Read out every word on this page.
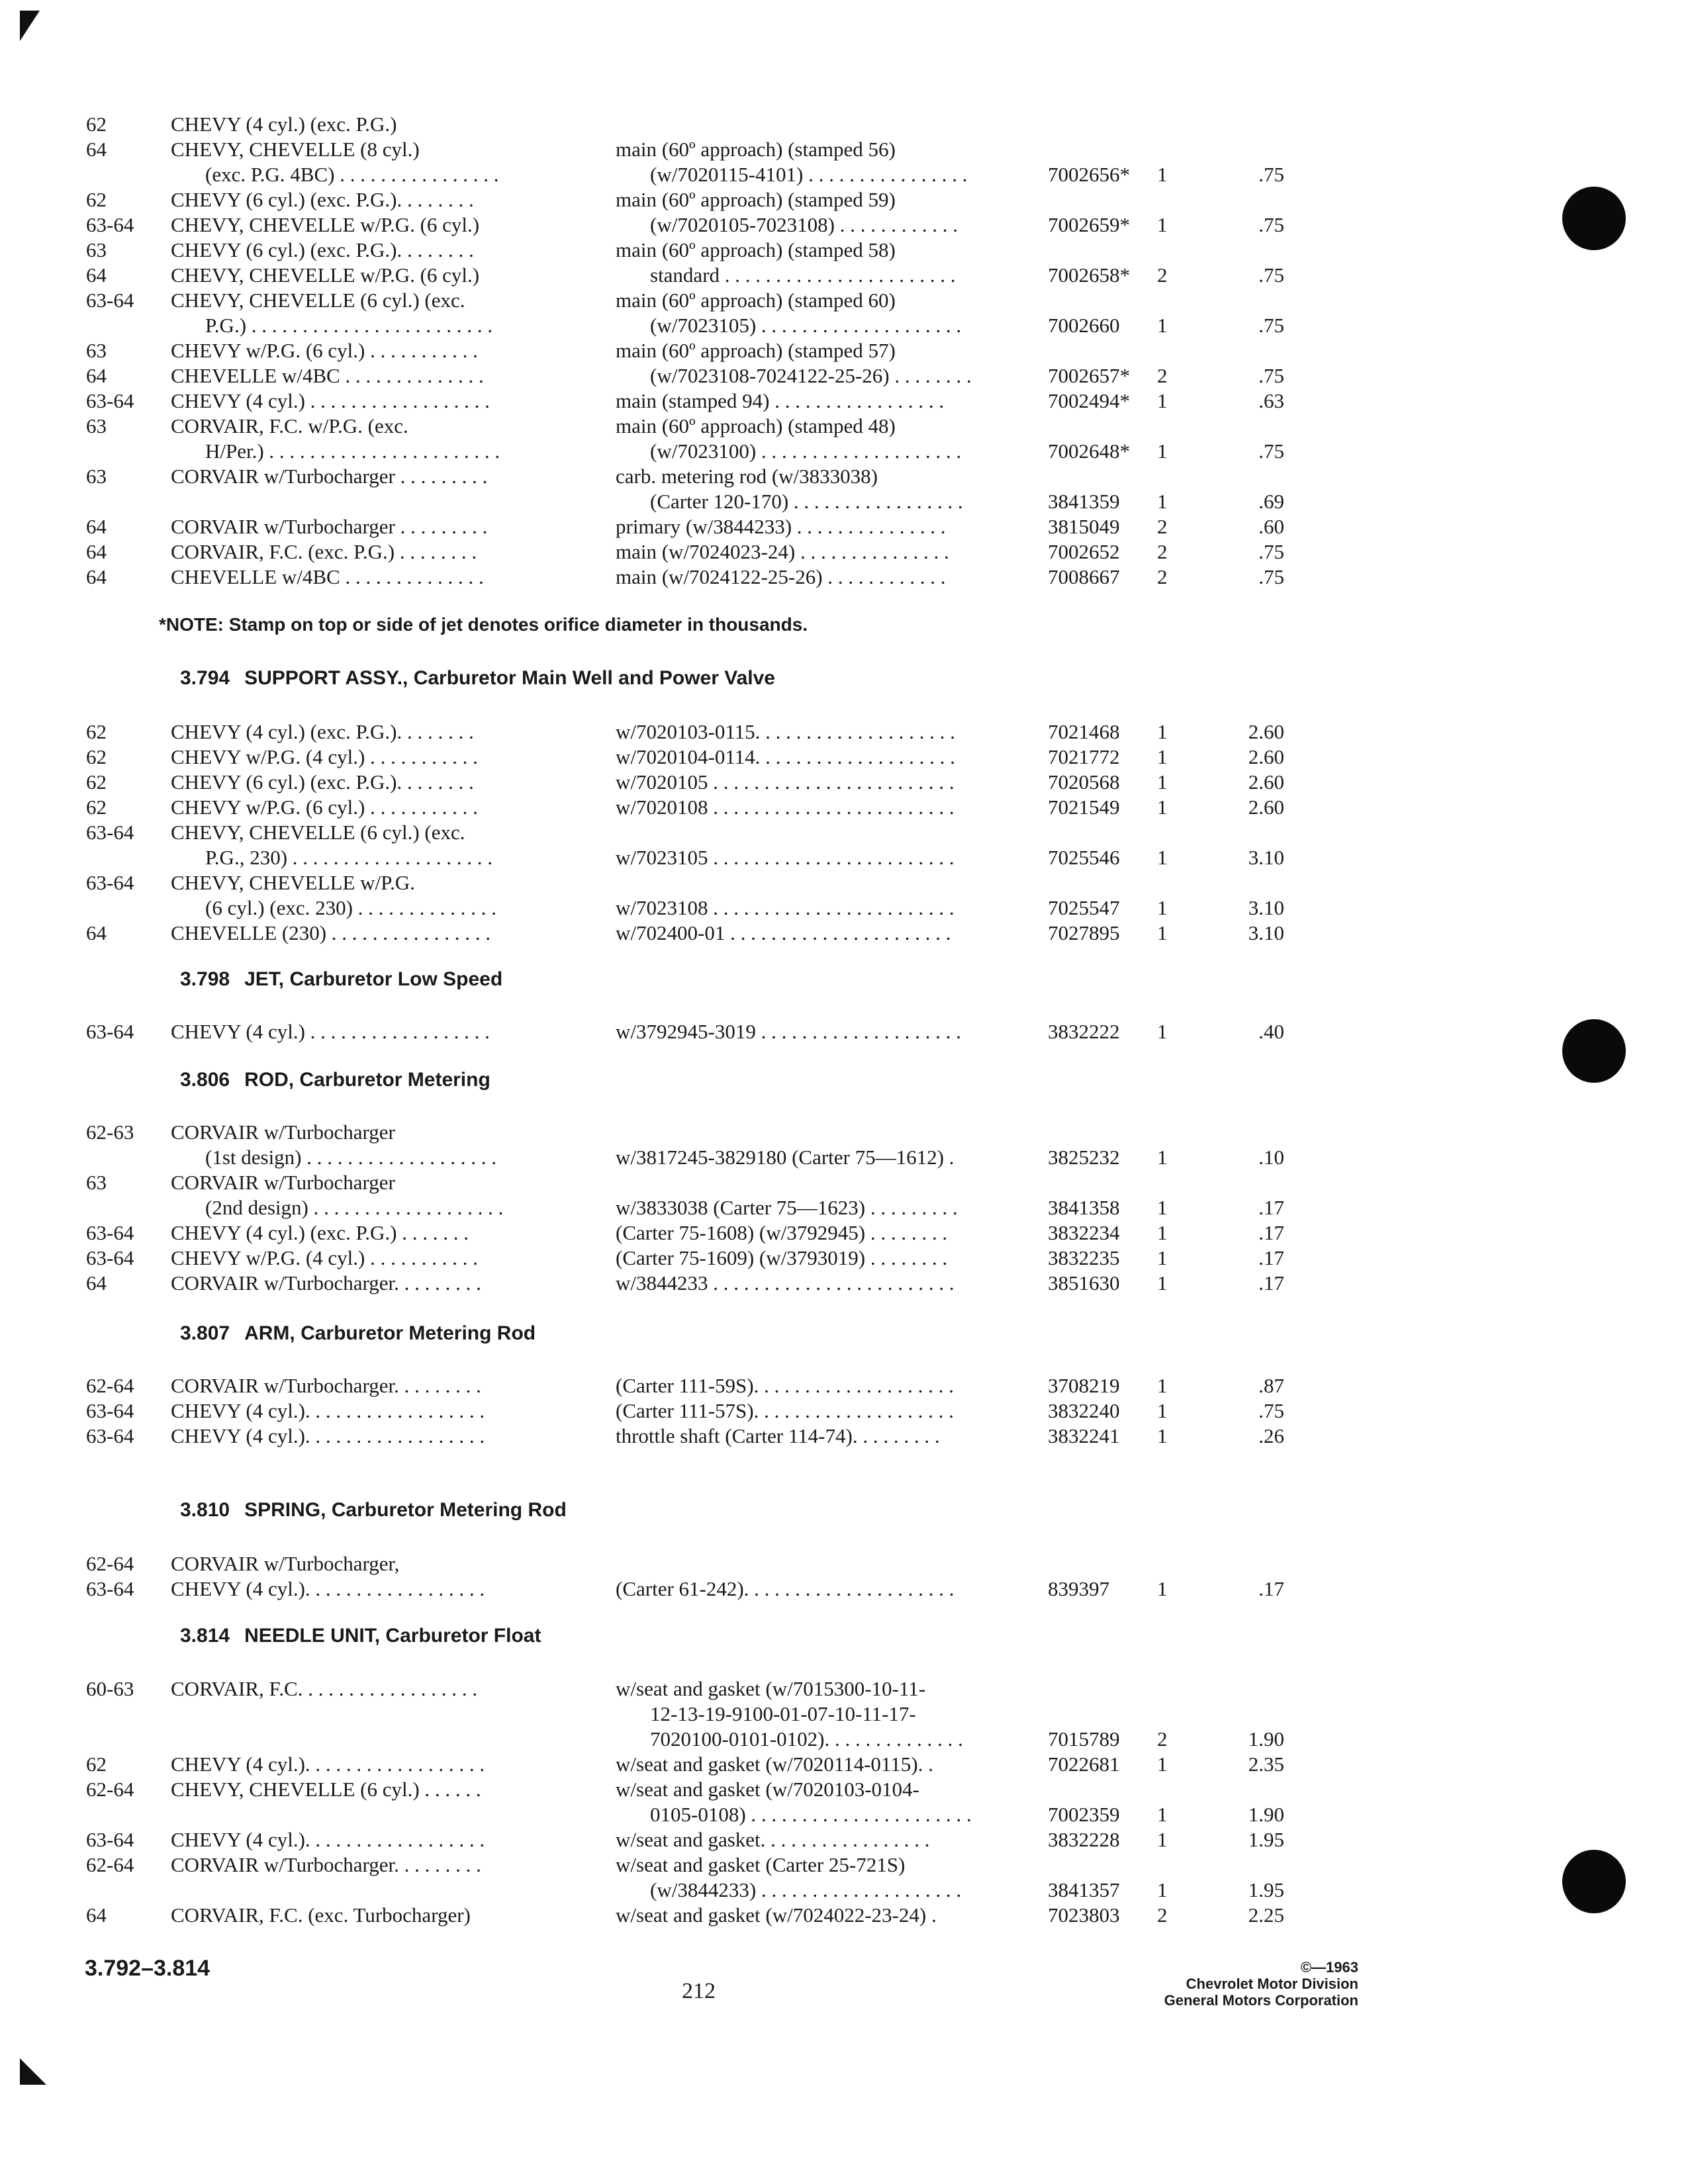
62	CHEVY (4 cyl.) (exc. P.G.)
64	CHEVY, CHEVELLE (8 cyl.)	main (60º approach) (stamped 56)
(exc. P.G. 4BC) . . . . . . . . . . . . . . . .	(w/7020115-4101) . . . . . . . . . . . . . . . .	7002656* 1	.75
62	CHEVY (6 cyl.) (exc. P.G.). . . . . . . .	main (60º approach) (stamped 59)
63-64 CHEVY, CHEVELLE w/P.G. (6 cyl.)	(w/7020105-7023108) . . . . . . . . . . . .	7002659* 1	.75
63	CHEVY (6 cyl.) (exc. P.G.). . . . . . . .	main (60º approach) (stamped 58)
64	CHEVY, CHEVELLE w/P.G. (6 cyl.)	standard . . . . . . . . . . . . . . . . . . . . . . .	7002658* 2	.75
63-64 CHEVY, CHEVELLE (6 cyl.) (exc.	main (60º approach) (stamped 60)
P.G.) . . . . . . . . . . . . . . . . . . . . . . . .	(w/7023105) . . . . . . . . . . . . . . . . . . . .	7002660 1	.75
63	CHEVY w/P.G. (6 cyl.) . . . . . . . . . . .	main (60º approach) (stamped 57)
64	CHEVELLE w/4BC . . . . . . . . . . . . . .	(w/7023108-7024122-25-26) . . . . . . . .	7002657* 2	.75
63-64 CHEVY (4 cyl.) . . . . . . . . . . . . . . . . . .	main (stamped 94) . . . . . . . . . . . . . . . . .	7002494* 1	.63
63	CORVAIR, F.C. w/P.G. (exc.	main (60º approach) (stamped 48)
H/Per.) . . . . . . . . . . . . . . . . . . . . . . .	(w/7023100) . . . . . . . . . . . . . . . . . . . .	7002648* 1	.75
63	CORVAIR w/Turbocharger . . . . . . . . .	carb. metering rod (w/3833038)
(Carter 120-170) . . . . . . . . . . . . . . . . .	3841359 1	.69
64	CORVAIR w/Turbocharger . . . . . . . . .	primary (w/3844233) . . . . . . . . . . . . . . .	3815049 2	.60
64	CORVAIR, F.C. (exc. P.G.) . . . . . . . .	main (w/7024023-24) . . . . . . . . . . . . . . .	7002652 2	.75
64	CHEVELLE w/4BC . . . . . . . . . . . . . .	main (w/7024122-25-26) . . . . . . . . . . . .	7008667 2	.75
*NOTE: Stamp on top or side of jet denotes orifice diameter in thousands.
3.794 SUPPORT ASSY., Carburetor Main Well and Power Valve
62	CHEVY (4 cyl.) (exc. P.G.). . . . . . . .	w/7020103-0115. . . . . . . . . . . . . . . . . . . .	7021468 1	2.60
62	CHEVY w/P.G. (4 cyl.) . . . . . . . . . . .	w/7020104-0114. . . . . . . . . . . . . . . . . . . .	7021772 1	2.60
62	CHEVY (6 cyl.) (exc. P.G.). . . . . . . .	w/7020105 . . . . . . . . . . . . . . . . . . . . . . . .	7020568 1	2.60
62	CHEVY w/P.G. (6 cyl.) . . . . . . . . . . .	w/7020108 . . . . . . . . . . . . . . . . . . . . . . . .	7021549 1	2.60
63-64 CHEVY, CHEVELLE (6 cyl.) (exc.
P.G., 230) . . . . . . . . . . . . . . . . . . . .	w/7023105 . . . . . . . . . . . . . . . . . . . . . . . .	7025546 1	3.10
63-64 CHEVY, CHEVELLE w/P.G.
(6 cyl.) (exc. 230) . . . . . . . . . . . . . .	w/7023108 . . . . . . . . . . . . . . . . . . . . . . . .	7025547 1	3.10
64	CHEVELLE (230) . . . . . . . . . . . . . . . .	w/702400-01 . . . . . . . . . . . . . . . . . . . . . .	7027895 1	3.10
3.798 JET, Carburetor Low Speed
63-64 CHEVY (4 cyl.) . . . . . . . . . . . . . . . . . .	w/3792945-3019 . . . . . . . . . . . . . . . . . . . .	3832222 1	.40
3.806 ROD, Carburetor Metering
62-63 CORVAIR w/Turbocharger
(1st design) . . . . . . . . . . . . . . . . . . .	w/3817245-3829180 (Carter 75—1612) .	3825232 1	.10
63	CORVAIR w/Turbocharger
(2nd design) . . . . . . . . . . . . . . . . . . .	w/3833038 (Carter 75—1623) . . . . . . . . .	3841358 1	.17
63-64 CHEVY (4 cyl.) (exc. P.G.) . . . . . . .	(Carter 75-1608) (w/3792945) . . . . . . . .	3832234 1	.17
63-64 CHEVY w/P.G. (4 cyl.) . . . . . . . . . . .	(Carter 75-1609) (w/3793019) . . . . . . . .	3832235 1	.17
64	CORVAIR w/Turbocharger. . . . . . . . .	w/3844233 . . . . . . . . . . . . . . . . . . . . . . . .	3851630 1	.17
3.807 ARM, Carburetor Metering Rod
62-64 CORVAIR w/Turbocharger. . . . . . . . .	(Carter 111-59S). . . . . . . . . . . . . . . . . . . .	3708219 1	.87
63-64 CHEVY (4 cyl.). . . . . . . . . . . . . . . . . .	(Carter 111-57S). . . . . . . . . . . . . . . . . . . .	3832240 1	.75
63-64 CHEVY (4 cyl.). . . . . . . . . . . . . . . . . .	throttle shaft (Carter 114-74). . . . . . . . .	3832241 1	.26
3.810 SPRING, Carburetor Metering Rod
62-64 CORVAIR w/Turbocharger,
63-64 CHEVY (4 cyl.). . . . . . . . . . . . . . . . . .	(Carter 61-242). . . . . . . . . . . . . . . . . . . . .	839397 1	.17
3.814 NEEDLE UNIT, Carburetor Float
60-63 CORVAIR, F.C. . . . . . . . . . . . . . . . . .	w/seat and gasket (w/7015300-10-11-
12-13-19-9100-01-07-10-11-17-
7020100-0101-0102). . . . . . . . . . . . . .	7015789 2	1.90
62	CHEVY (4 cyl.). . . . . . . . . . . . . . . . . .	w/seat and gasket (w/7020114-0115). .	7022681 1	2.35
62-64 CHEVY, CHEVELLE (6 cyl.) . . . . . .	w/seat and gasket (w/7020103-0104-
0105-0108) . . . . . . . . . . . . . . . . . . . . . .	7002359 1	1.90
63-64 CHEVY (4 cyl.). . . . . . . . . . . . . . . . . .	w/seat and gasket. . . . . . . . . . . . . . . . .	3832228 1	1.95
62-64 CORVAIR w/Turbocharger. . . . . . . . .	w/seat and gasket (Carter 25-721S)
(w/3844233) . . . . . . . . . . . . . . . . . . . .	3841357 1	1.95
64	CORVAIR, F.C. (exc. Turbocharger)	w/seat and gasket (w/7024022-23-24) .	7023803 2	2.25
3.792–3.814
212
©—1963
Chevrolet Motor Division
General Motors Corporation
